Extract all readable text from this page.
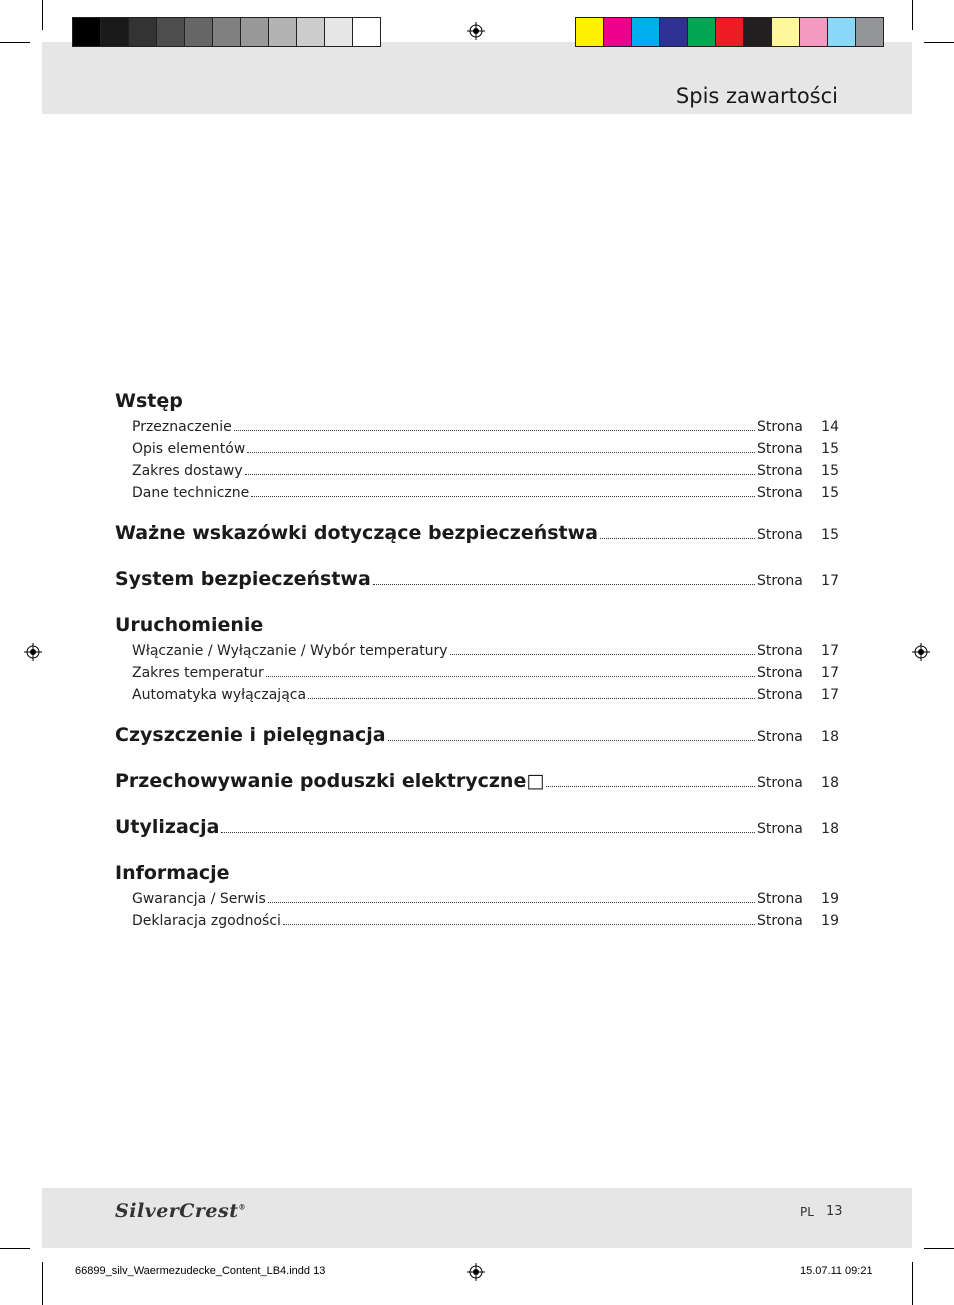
Spis zawartości
Wstęp
Przeznaczenie	Strona	14
Opis elementów	Strona	15
Zakres dostawy	Strona	15
Dane techniczne	Strona	15
Ważne wskazówki dotyczące bezpieczeństwa	Strona	15
System bezpieczeństwa	Strona	17
Uruchomienie
Włączanie / Wyłączanie / Wybór temperatury	Strona	17
Zakres temperatur	Strona	17
Automatyka wyłączająca	Strona	17
Czyszczenie i pielęgnacja	Strona	18
Przechowywanie poduszki elektryczne□	Strona	18
Utylizacja	Strona	18
Informacje
Gwarancja / Serwis	Strona	19
Deklaracja zgodności	Strona	19
SilverCrest®	PL 13
66899_silv_Waermezudecke_Content_LB4.indd 13	15.07.11 09:21
